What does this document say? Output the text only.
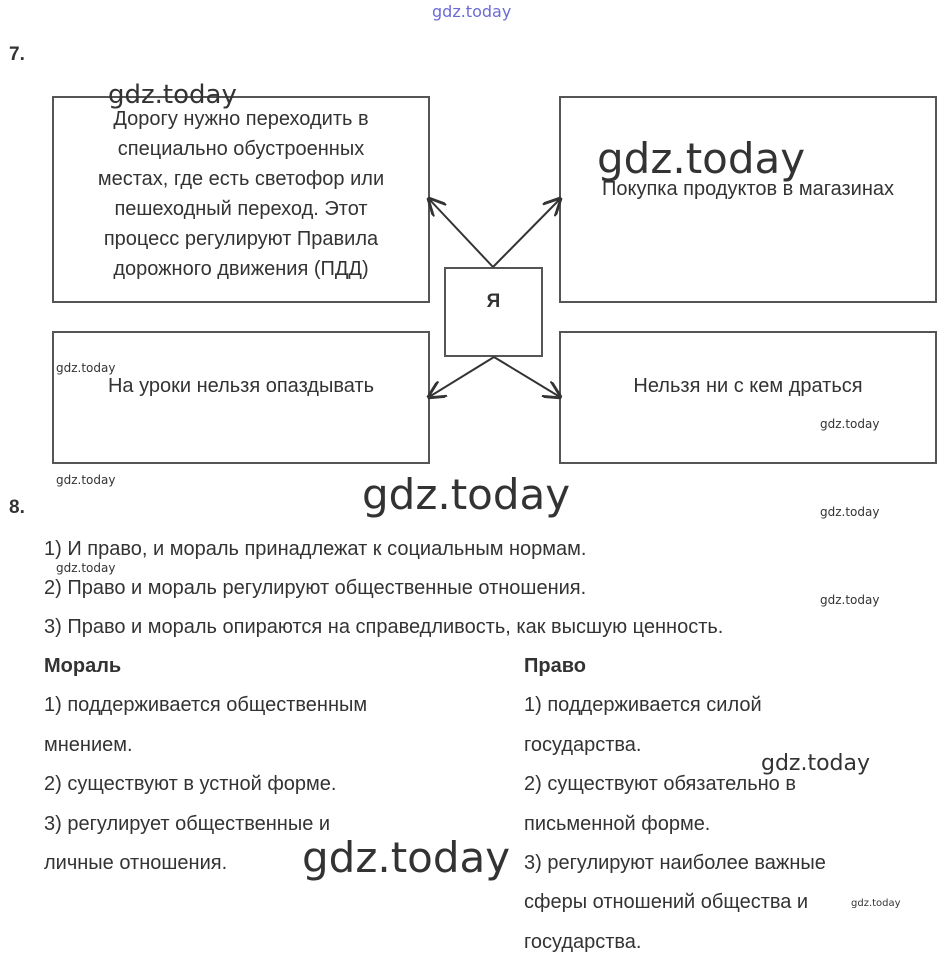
gdz.today
7.
Дорогу нужно переходить в
специально обустроенных
местах, где есть светофор или
пешеходный переход. Этот
процесс регулируют Правила
дорожного движения (ПДД)
Покупка продуктов в магазинах
Я
На уроки нельзя опаздывать	Нельзя ни с кем драться
8.
1) И право, и мораль принадлежат к социальным нормам.
2) Право и мораль регулируют общественные отношения.
3) Право и мораль опираются на справедливость, как высшую ценность.
Мораль
1) поддерживается общественным
мнением.
2) существуют в устной форме.
3) регулирует общественные и
личные отношения.
Право
1) поддерживается силой
государства.
2) существуют обязательно в
письменной форме.
3) регулируют наиболее важные
сферы отношений общества и
государства.
gdz.today
gdz.today
gdz.today
gdz.today
gdz.today	gdz.today	gdz.today
gdz.today
gdz.today
gdz.today
gdz.today
gdz.today
